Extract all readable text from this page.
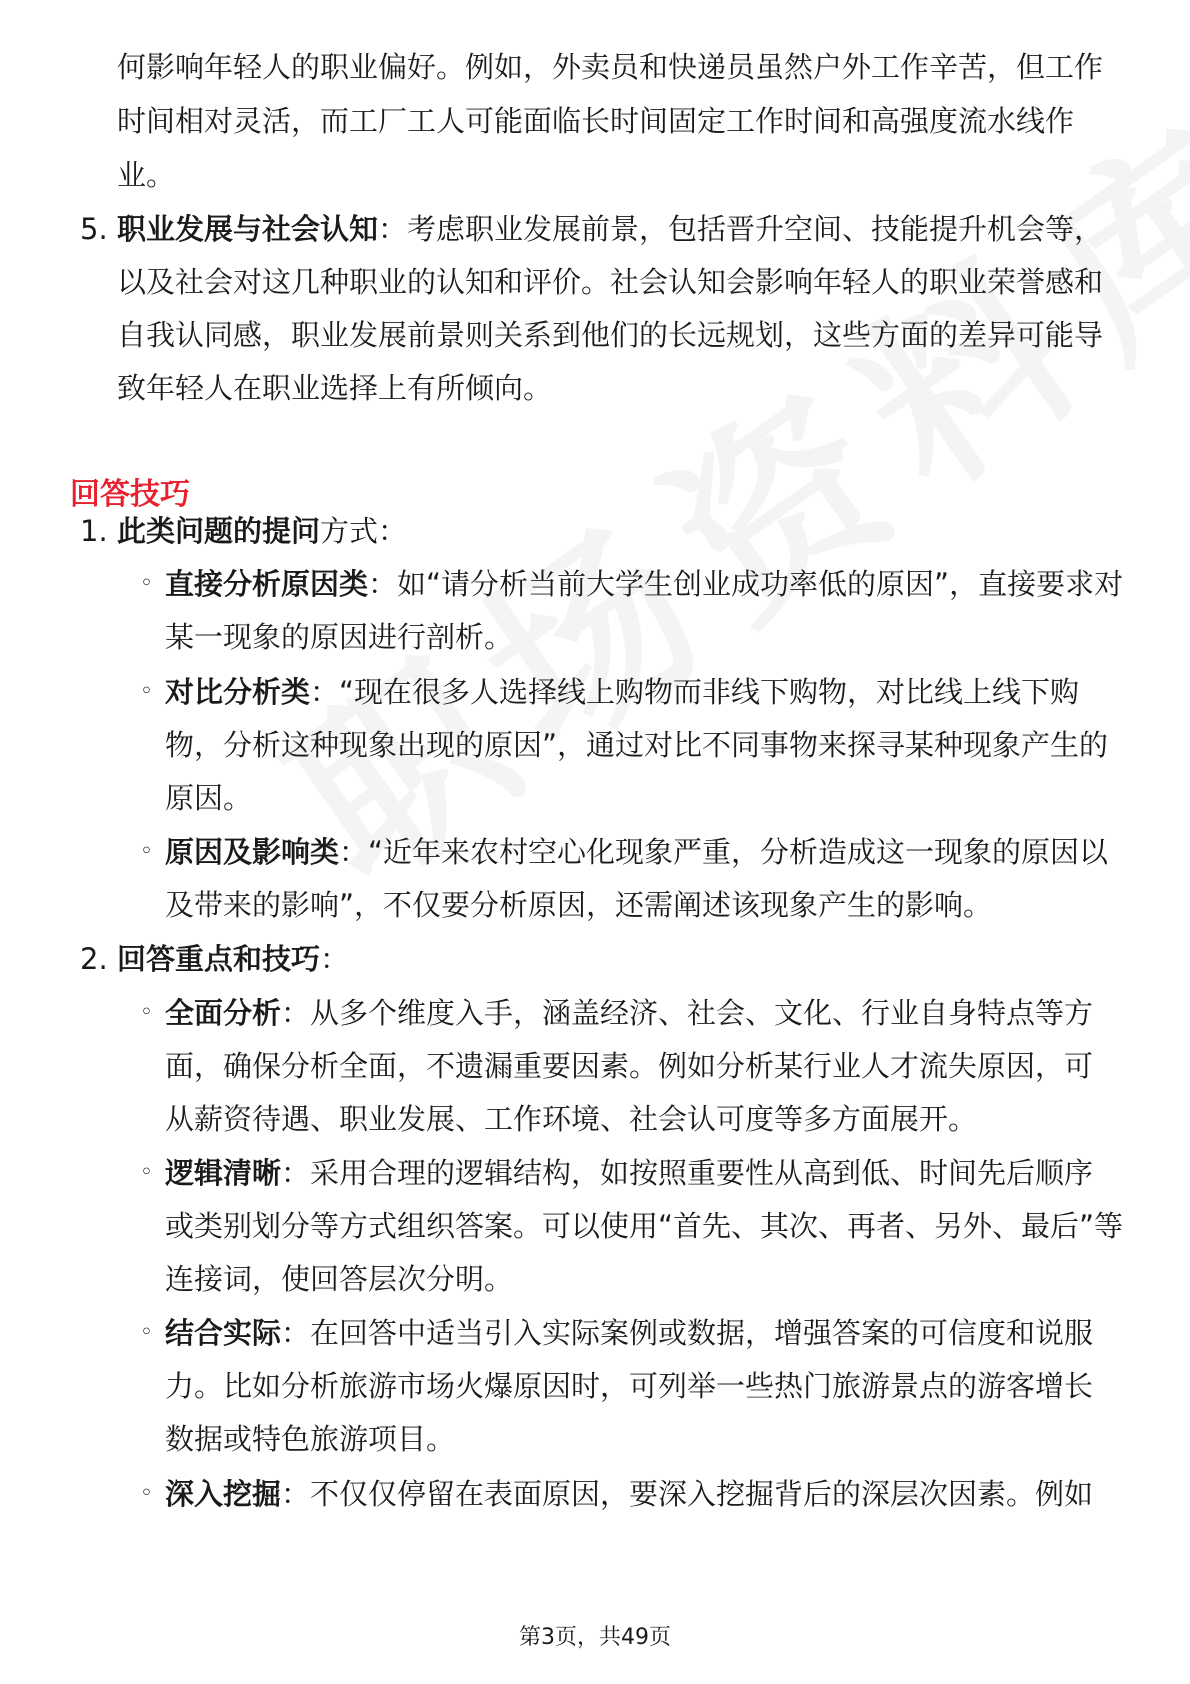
何影响年轻人的职业偏好。例如，外卖员和快递员虽然户外工作辛苦，但工作
时间相对灵活，而工厂工人可能面临长时间固定工作时间和高强度流水线作
业。
5. 职业发展与社会认知：考虑职业发展前景，包括晋升空间、技能提升机会等，
以及社会对这几种职业的认知和评价。社会认知会影响年轻人的职业荣誉感和
自我认同感，职业发展前景则关系到他们的长远规划，这些方面的差异可能导
致年轻人在职业选择上有所倾向。
回答技巧
1. 此类问题的提问方式：
◦ 直接分析原因类：如“请分析当前大学生创业成功率低的原因”，直接要求对
某一现象的原因进行剖析。
◦ 对比分析类：“现在很多人选择线上购物而非线下购物，对比线上线下购
物，分析这种现象出现的原因”，通过对比不同事物来探寻某种现象产生的
原因。
◦ 原因及影响类：“近年来农村空心化现象严重，分析造成这一现象的原因以
及带来的影响”，不仅要分析原因，还需阐述该现象产生的影响。
2. 回答重点和技巧：
◦ 全面分析：从多个维度入手，涵盖经济、社会、文化、行业自身特点等方
面，确保分析全面，不遗漏重要因素。例如分析某行业人才流失原因，可
从薪资待遇、职业发展、工作环境、社会认可度等多方面展开。
◦ 逻辑清晰：采用合理的逻辑结构，如按照重要性从高到低、时间先后顺序
或类别划分等方式组织答案。可以使用“首先、其次、再者、另外、最后”等
连接词，使回答层次分明。
◦ 结合实际：在回答中适当引入实际案例或数据，增强答案的可信度和说服
力。比如分析旅游市场火爆原因时，可列举一些热门旅游景点的游客增长
数据或特色旅游项目。
◦ 深入挖掘：不仅仅停留在表面原因，要深入挖掘背后的深层次因素。例如
第3页，共49页
